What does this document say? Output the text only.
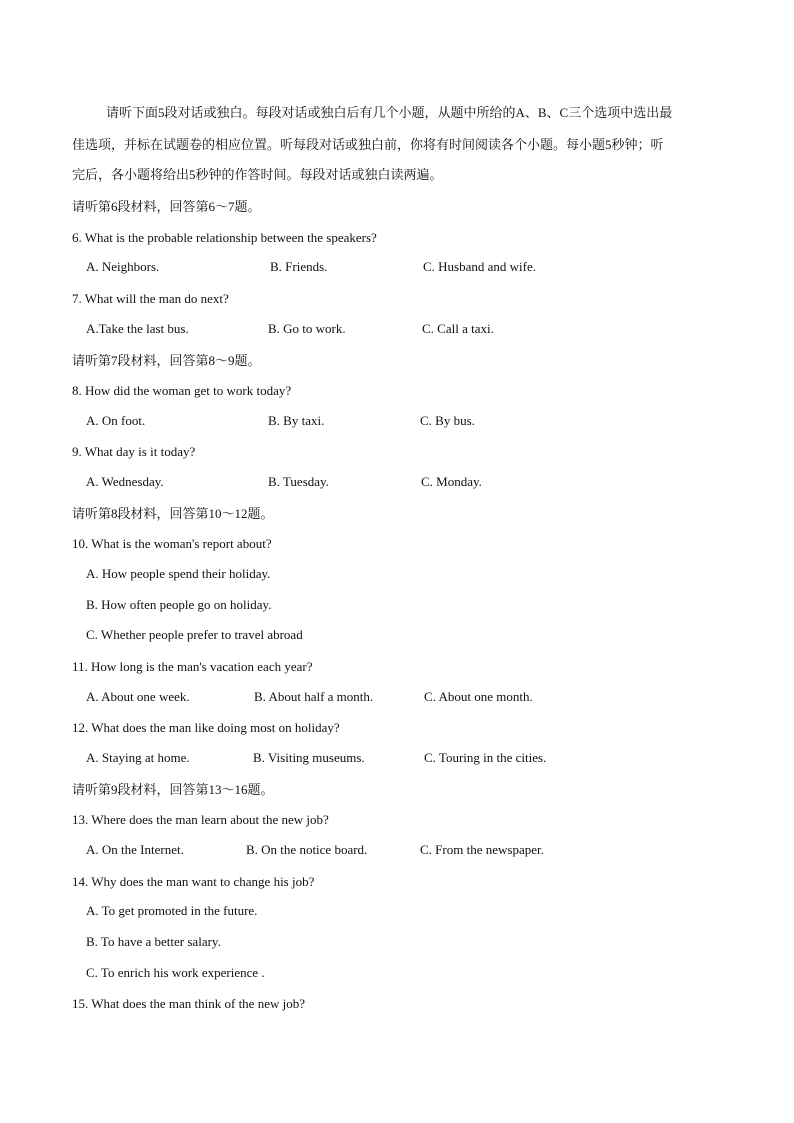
请听下面5段对话或独白。每段对话或独白后有几个小题，从题中所给的A、B、C三个选项中选出最
佳选项，并标在试题卷的相应位置。听每段对话或独白前，你将有时间阅读各个小题。每小题5秒钟；听
完后，各小题将给出5秒钟的作答时间。每段对话或独白读两遍。
请听第6段材料，回答第6～7题。
6. What is the probable relationship between the speakers?
A. Neighbors.	B. Friends.	C. Husband and wife.
7. What will the man do next?
A.Take the last bus.	B. Go to work.	C. Call a taxi.
请听第7段材料，回答第8～9题。
8. How did the woman get to work today?
A. On foot.	B. By taxi.	C. By bus.
9. What day is it today?
A. Wednesday.	B. Tuesday.	C. Monday.
请听第8段材料，回答第10～12题。
10. What is the woman's report about?
A. How people spend their holiday.
B. How often people go on holiday.
C. Whether people prefer to travel abroad
11. How long is the man's vacation each year?
A. About one week.	B. About half a month.	C. About one month.
12. What does the man like doing most on holiday?
A. Staying at home.	B. Visiting museums.	C. Touring in the cities.
请听第9段材料，回答第13～16题。
13. Where does the man learn about the new job?
A. On the Internet.	B. On the notice board.	C. From the newspaper.
14. Why does the man want to change his job?
A. To get promoted in the future.
B. To have a better salary.
C. To enrich his work experience .
15. What does the man think of the new job?
